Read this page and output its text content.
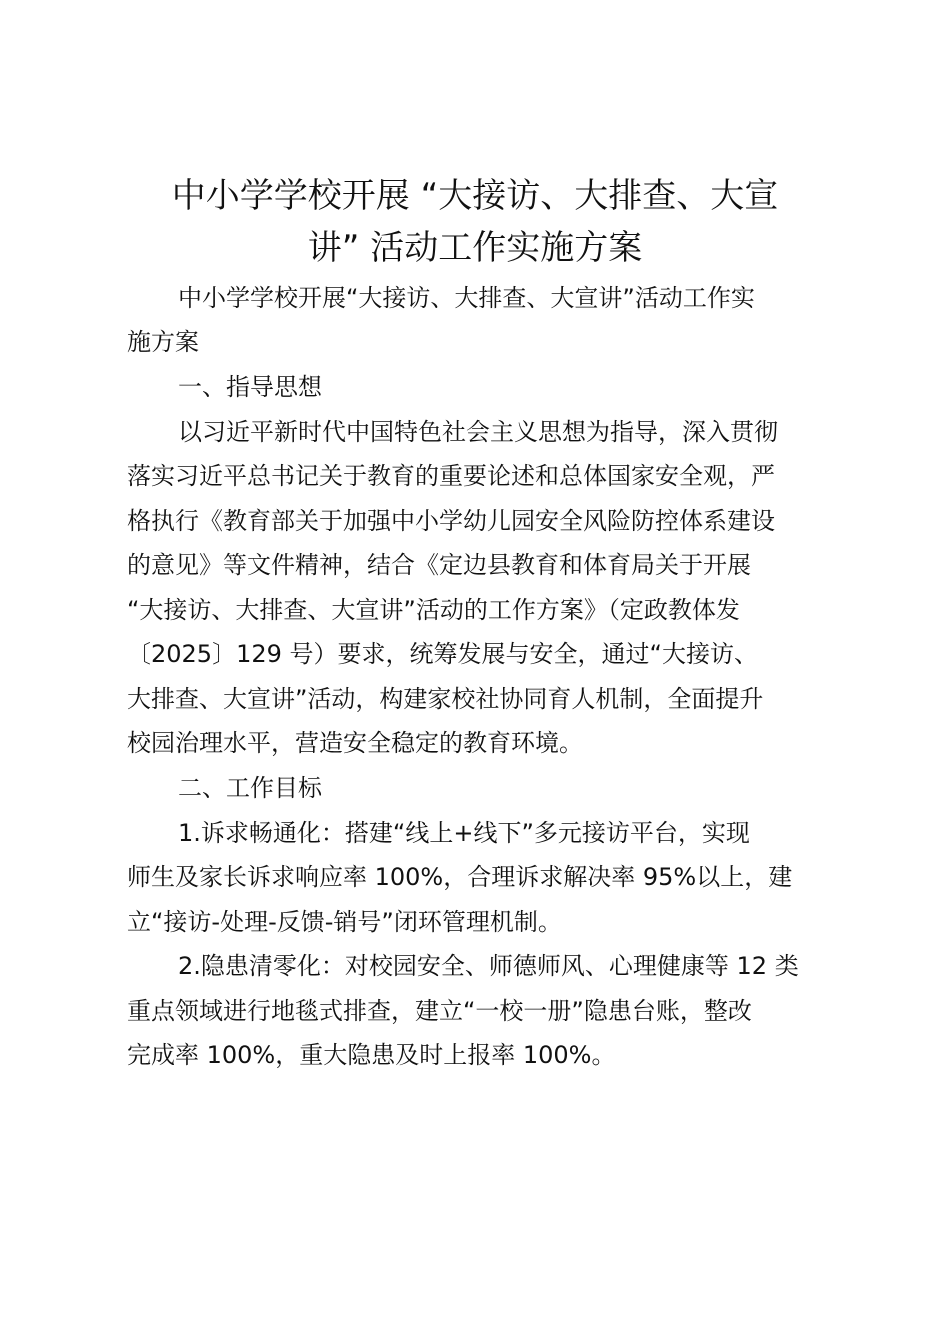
中小学学校开展 “大接访、大排查、大宣
讲” 活动工作实施方案
中小学学校开展“大接访、大排查、大宣讲”活动工作实
施方案
一、指导思想
以习近平新时代中国特色社会主义思想为指导，深入贯彻
落实习近平总书记关于教育的重要论述和总体国家安全观，严
格执行《教育部关于加强中小学幼儿园安全风险防控体系建设
的意见》等文件精神，结合《定边县教育和体育局关于开展
“大接访、大排查、大宣讲”活动的工作方案》（定政教体发
〔2025〕129 号）要求，统筹发展与安全，通过“大接访、
大排查、大宣讲”活动，构建家校社协同育人机制，全面提升
校园治理水平，营造安全稳定的教育环境。
二、工作目标
1.诉求畅通化：搭建“线上+线下”多元接访平台，实现
师生及家长诉求响应率 100%，合理诉求解决率 95%以上，建
立“接访-处理-反馈-销号”闭环管理机制。
2.隐患清零化：对校园安全、师德师风、心理健康等 12 类
重点领域进行地毯式排查，建立“一校一册”隐患台账，整改
完成率 100%，重大隐患及时上报率 100%。
